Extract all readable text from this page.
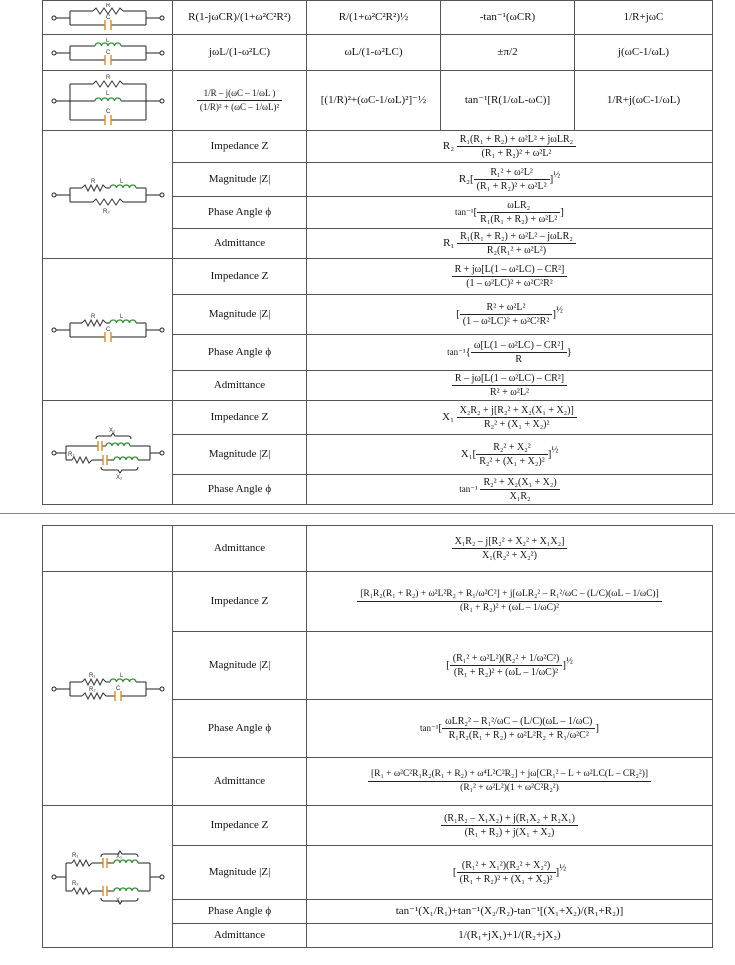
R
C	R(1-jωCR)/(1+ω²C²R²)	R/(1+ω²C²R²)½	-tan⁻¹(ωCR)	1/R+jωC

L
C	jωL/(1-ω²LC)	ωL/(1-ω²LC)	±π/2	j(ωC-1/ωL)

R
L
C	$\frac{1/R - j(\omega C - 1/\omega L )}{\text{(1/R)² + (ωC – 1/ωL)²}}$	[(1/R)²+(ωC-1/ωL)²]⁻½	tan⁻¹[R(1/ωL-ωC)]	1/R+j(ωC-1/ωL)

R L
R₂	Impedance Z	R₂
R₁(R₁ + R₂) + ω²L² + jωLR₂
(R₁ + R₂)² + ω²L²		

	Magnitude |Z|	$R_2[ \frac{\text{R₁² + ω²L²}}{\text{(R₁ + R₂)² + ω²L²}} ]^{\frac{1}{2}}$
	Phase Angle ϕ	tan⁻¹[
ωLR₂
R₁(R₁ + R₂) + ω²L²
]		
	Admittance	R₁
R₁(R₁ + R₂) + ω²L² – jωLR₂
R₂(R₁² + ω²L²)		

R L
C	Impedance Z	$\frac{\text{R + jω[L(1 – ω²LC) – CR²]}}{\text{(1 – ω²LC)² + ω²C²R²}}$

	Magnitude |Z|	[ $\frac{\text{R² + ω²L²}}{\text{(1 – ω²LC)² + ω²C²R²}} ]^{\frac{1}{2}}$
	Phase Angle ϕ	$\tan^{-1}\{ \frac{\text{ω[L(1 – ω²LC) – CR²]}}{R}$ }		
	Admittance	$\frac{\text{R – jω[L(1 – ω²LC) – CR²]}}{\text{R² + ω²L²}}$

X₁
R₂
X₂	Impedance Z	$X_1 \frac{\text{X₂R₂ + j[R₂² + X₂(X₁ + X₂)]}}{\text{R₂² + (X₁ + X₂)²}}$

	Magnitude |Z|	$X_1[ \frac{\text{R₂² + X₂²}}{\text{R₂² + (X₁ + X₂)²}} ]^{\frac{1}{2}}$
	Phase Angle ϕ	$\tan^{-1} \frac{\text{R₂² + X₂(X₁ + X₂)}}{\text{X₁R₂}}$
	Admittance	$\frac{\text{X₁R₂ – j[R₂² + X₂² + X₁X₂]}}{\text{X₁(R₂² + X₂²)}}$

R₁ L
R₂ C	Impedance Z	[R₁R₂(R₁ + R₂) + ω²L²R₂ + R₁/ω²C²] + j[ωLR₂² – R₁²/ωC – (L/C)(ωL – 1/ωC)]
(R₁ + R₂)² + (ωL – 1/ωC)²

	Magnitude |Z|	[ $\frac{\text{(R₁² + ω²L²)(R₂² + 1/ω²C²)}}{\text{(R₁ + R₂)² + (ωL – 1/ωC)²}} ]^{\frac{1}{2}}$
	Phase Angle ϕ	tan⁻¹[
ωLR₂² – R₁²/ωC – (L/C)(ωL – 1/ωC)
R₁R₂(R₁ + R₂) + ω²L²R₂ + R₁/ω²C²
]
	Admittance	[R₁ + ω²C²R₁R₂(R₁ + R₂) + ω⁴L²C²R₂] + jω[CR₁² – L + ω²LC(L – CR₂²)]
(R₁² + ω²L²)(1 + ω²C²R₂²)

R₁ X₁
R₂
X₂	Impedance Z	$\frac{\text{(R₁R₂ – X₁X₂) + j(R₁X₂ + R₂X₁)}}{\text{(R₁ + R₂) + j(X₁ + X₂)}}$

	Magnitude |Z|	[ $\frac{\text{(R₁² + X₁²)(R₂² + X₂²)}}{\text{(R₁ + R₂)² + (X₁ + X₂)²}} ]^{\frac{1}{2}}$
	Phase Angle ϕ	tan⁻¹(X₁/R₁)+tan⁻¹(X₂/R₂)-tan⁻¹[(X₁+X₂)/(R₁+R₂)]
	Admittance	1/(R₁+jX₁)+1/(R₂+jX₂)
